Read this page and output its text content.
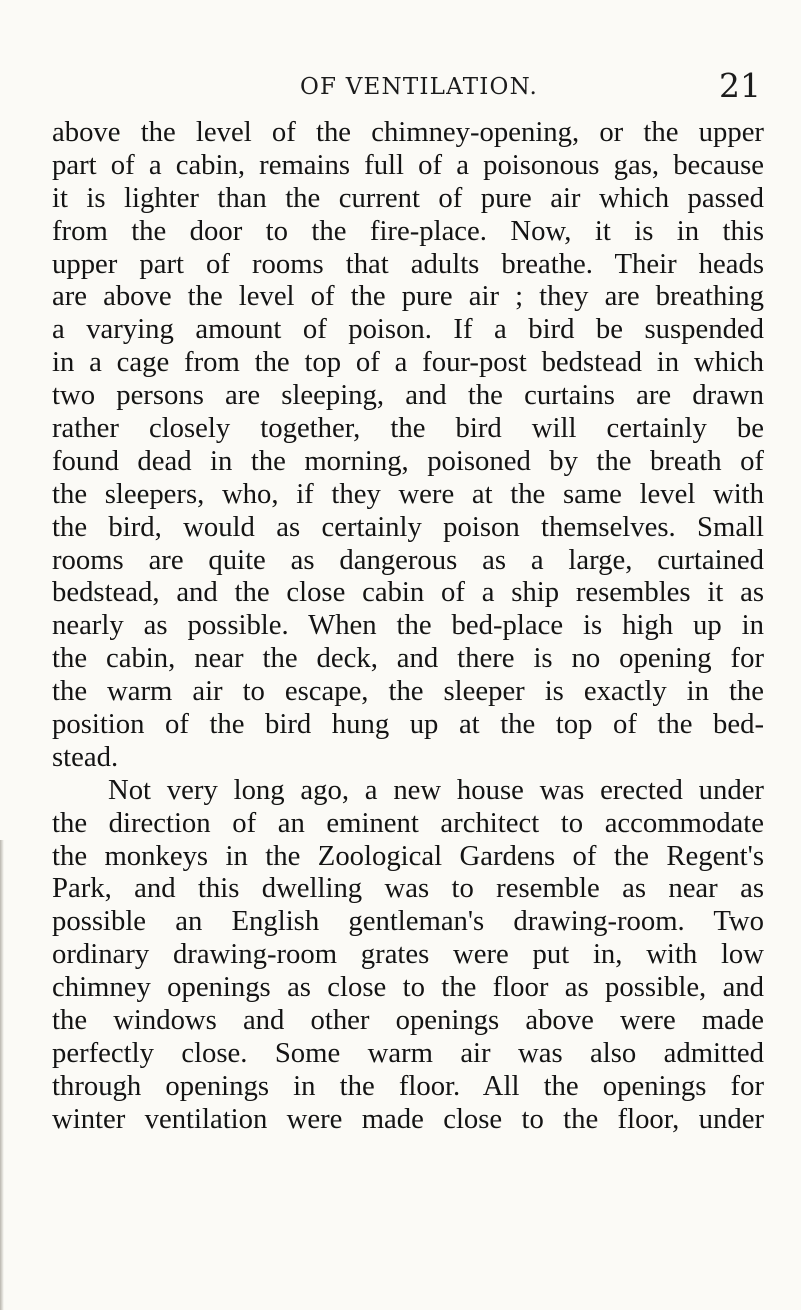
OF VENTILATION.	21
above the level of the chimney-opening, or the upper
part of a cabin, remains full of a poisonous gas, because
it is lighter than the current of pure air which passed
from the door to the fire-place. Now, it is in this
upper part of rooms that adults breathe. Their heads
are above the level of the pure air ; they are breathing
a varying amount of poison. If a bird be suspended
in a cage from the top of a four-post bedstead in which
two persons are sleeping, and the curtains are drawn
rather closely together, the bird will certainly be
found dead in the morning, poisoned by the breath of
the sleepers, who, if they were at the same level with
the bird, would as certainly poison themselves. Small
rooms are quite as dangerous as a large, curtained
bedstead, and the close cabin of a ship resembles it as
nearly as possible. When the bed-place is high up in
the cabin, near the deck, and there is no opening for
the warm air to escape, the sleeper is exactly in the
position of the bird hung up at the top of the bed-
stead.
Not very long ago, a new house was erected under
the direction of an eminent architect to accommodate
the monkeys in the Zoological Gardens of the Regent's
Park, and this dwelling was to resemble as near as
possible an English gentleman's drawing-room. Two
ordinary drawing-room grates were put in, with low
chimney openings as close to the floor as possible, and
the windows and other openings above were made
perfectly close. Some warm air was also admitted
through openings in the floor. All the openings for
winter ventilation were made close to the floor, under
